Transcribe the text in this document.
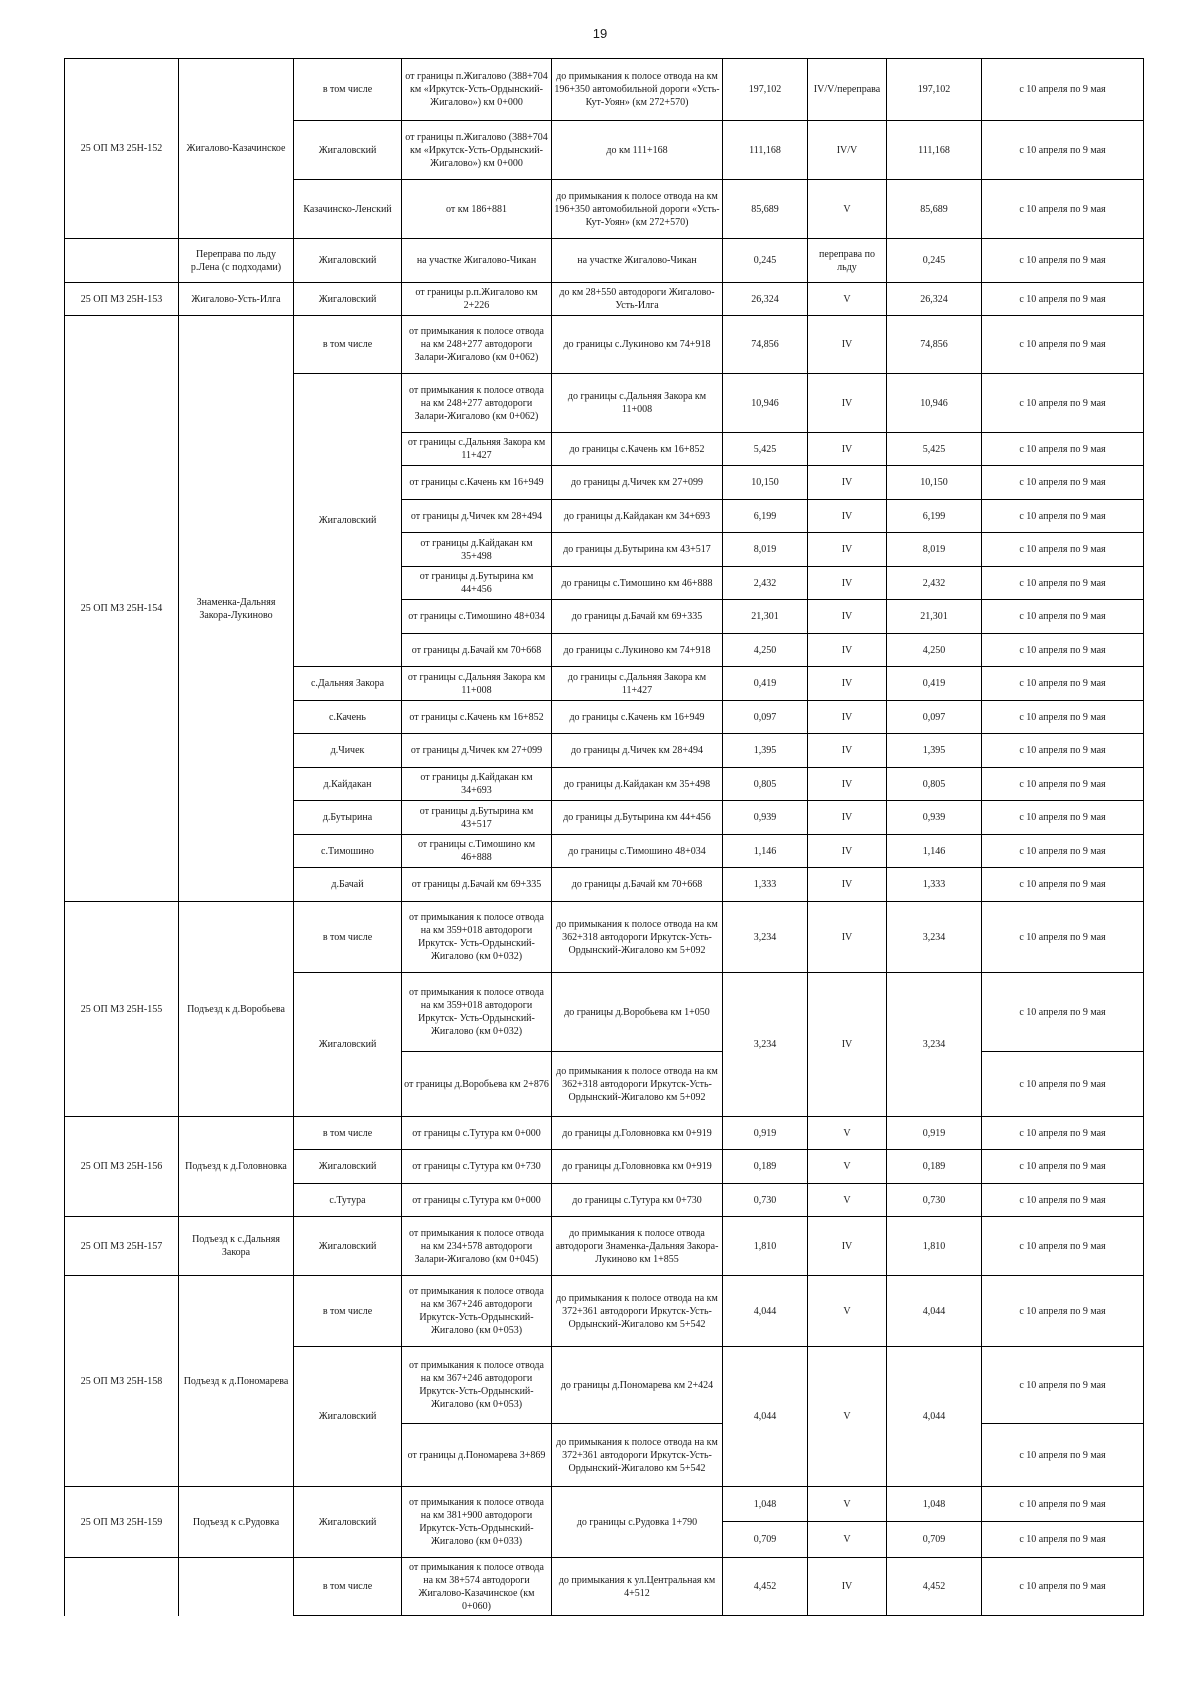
19
25 ОП МЗ 25Н-152	Жигалово-Казачинское	в том числе	от границы п.Жигалово (388+704 км «Иркутск-Усть-Ордынский-Жигалово») км 0+000	до примыкания к полосе отвода на км 196+350 автомобильной дороги «Усть-Кут-Уоян» (км 272+570)	197,102	IV/V/переправа	197,102	с 10 апреля по 9 мая
		Жигаловский	от границы п.Жигалово (388+704 км «Иркутск-Усть-Ордынский-Жигалово») км 0+000	до км 111+168	111,168	IV/V	111,168	с 10 апреля по 9 мая
		Казачинско-Ленский	от км 186+881	до примыкания к полосе отвода на км 196+350 автомобильной дороги «Усть-Кут-Уоян» (км 272+570)	85,689	V	85,689	с 10 апреля по 9 мая
	Переправа по льду р.Лена (с подходами)	Жигаловский	на участке Жигалово-Чикан	на участке Жигалово-Чикан	0,245	переправа по льду	0,245	с 10 апреля по 9 мая
25 ОП МЗ 25Н-153	Жигалово-Усть-Илга	Жигаловский	от границы р.п.Жигалово км 2+226	до км 28+550 автодороги Жигалово-Усть-Илга	26,324	V	26,324	с 10 апреля по 9 мая
25 ОП МЗ 25Н-154	Знаменка-Дальняя Закора-Лукиново	в том числе	от примыкания к полосе отвода на км 248+277 автодороги Залари-Жигалово (км 0+062)	до границы с.Лукиново км 74+918	74,856	IV	74,856	с 10 апреля по 9 мая
		Жигаловский	от примыкания к полосе отвода на км 248+277 автодороги Залари-Жигалово (км 0+062)	до границы с.Дальняя Закора км 11+008	10,946	IV	10,946	с 10 апреля по 9 мая
			от границы с.Дальняя Закора км 11+427	до границы с.Качень км 16+852	5,425	IV	5,425	с 10 апреля по 9 мая
			от границы с.Качень км 16+949	до границы д.Чичек км 27+099	10,150	IV	10,150	с 10 апреля по 9 мая
			от границы д.Чичек км 28+494	до границы д.Кайдакан км 34+693	6,199	IV	6,199	с 10 апреля по 9 мая
			от границы д.Кайдакан км 35+498	до границы д.Бутырина км 43+517	8,019	IV	8,019	с 10 апреля по 9 мая
			от границы д.Бутырина км 44+456	до границы с.Тимошино км 46+888	2,432	IV	2,432	с 10 апреля по 9 мая
			от границы с.Тимошино 48+034	до границы д.Бачай км 69+335	21,301	IV	21,301	с 10 апреля по 9 мая
			от границы д.Бачай км 70+668	до границы с.Лукиново км 74+918	4,250	IV	4,250	с 10 апреля по 9 мая
		с.Дальняя Закора	от границы с.Дальняя Закора км 11+008	до границы с.Дальняя Закора км 11+427	0,419	IV	0,419	с 10 апреля по 9 мая
		с.Качень	от границы с.Качень км 16+852	до границы с.Качень км 16+949	0,097	IV	0,097	с 10 апреля по 9 мая
		д.Чичек	от границы д.Чичек км 27+099	до границы д.Чичек км 28+494	1,395	IV	1,395	с 10 апреля по 9 мая
		д.Кайдакан	от границы д.Кайдакан км 34+693	до границы д.Кайдакан км 35+498	0,805	IV	0,805	с 10 апреля по 9 мая
		д.Бутырина	от границы д.Бутырина км 43+517	до границы д.Бутырина км 44+456	0,939	IV	0,939	с 10 апреля по 9 мая
		с.Тимошино	от границы с.Тимошино км 46+888	до границы с.Тимошино 48+034	1,146	IV	1,146	с 10 апреля по 9 мая
		д.Бачай	от границы д.Бачай км 69+335	до границы д.Бачай км 70+668	1,333	IV	1,333	с 10 апреля по 9 мая
25 ОП МЗ 25Н-155	Подъезд к д.Воробьева	в том числе	от примыкания к полосе отвода на км 359+018 автодороги Иркутск- Усть-Ордынский-Жигалово (км 0+032)	до примыкания к полосе отвода на км 362+318 автодороги Иркутск-Усть-Ордынский-Жигалово км 5+092	3,234	IV	3,234	с 10 апреля по 9 мая
		Жигаловский	от примыкания к полосе отвода на км 359+018 автодороги Иркутск- Усть-Ордынский-Жигалово (км 0+032)	до границы д.Воробьева км 1+050	3,234	IV	3,234	с 10 апреля по 9 мая
			от границы д.Воробьева км 2+876	до примыкания к полосе отвода на км 362+318 автодороги Иркутск-Усть-Ордынский-Жигалово км 5+092				с 10 апреля по 9 мая
25 ОП МЗ 25Н-156	Подъезд к д.Головновка	в том числе	от границы с.Тутура км 0+000	до границы д.Головновка км 0+919	0,919	V	0,919	с 10 апреля по 9 мая
		Жигаловский	от границы с.Тутура км 0+730	до границы д.Головновка км 0+919	0,189	V	0,189	с 10 апреля по 9 мая
		с.Тутура	от границы с.Тутура км 0+000	до границы с.Тутура км 0+730	0,730	V	0,730	с 10 апреля по 9 мая
25 ОП МЗ 25Н-157	Подъезд к с.Дальняя Закора	Жигаловский	от примыкания к полосе отвода на км 234+578 автодороги Залари-Жигалово (км 0+045)	до примыкания к полосе отвода автодороги Знаменка-Дальняя Закора-Лукиново км 1+855	1,810	IV	1,810	с 10 апреля по 9 мая
25 ОП МЗ 25Н-158	Подъезд к д.Пономарева	в том числе	от примыкания к полосе отвода на км 367+246 автодороги Иркутск-Усть-Ордынский-Жигалово (км 0+053)	до примыкания к полосе отвода на км 372+361 автодороги Иркутск-Усть-Ордынский-Жигалово км 5+542	4,044	V	4,044	с 10 апреля по 9 мая
		Жигаловский	от примыкания к полосе отвода на км 367+246 автодороги Иркутск-Усть-Ордынский-Жигалово (км 0+053)	до границы д.Пономарева км 2+424	4,044	V	4,044	с 10 апреля по 9 мая
			от границы д.Пономарева 3+869	до примыкания к полосе отвода на км 372+361 автодороги Иркутск-Усть-Ордынский-Жигалово км 5+542				с 10 апреля по 9 мая
25 ОП МЗ 25Н-159	Подъезд к с.Рудовка	Жигаловский	от примыкания к полосе отвода на км 381+900 автодороги Иркутск-Усть-Ордынский-Жигалово (км 0+033)	до границы с.Рудовка 1+790	1,048	V	1,048	с 10 апреля по 9 мая
					0,709	V	0,709	с 10 апреля по 9 мая
		в том числе	от примыкания к полосе отвода на км 38+574 автодороги Жигалово-Казачинское (км 0+060)	до примыкания к ул.Центральная км 4+512	4,452	IV	4,452	с 10 апреля по 9 мая
